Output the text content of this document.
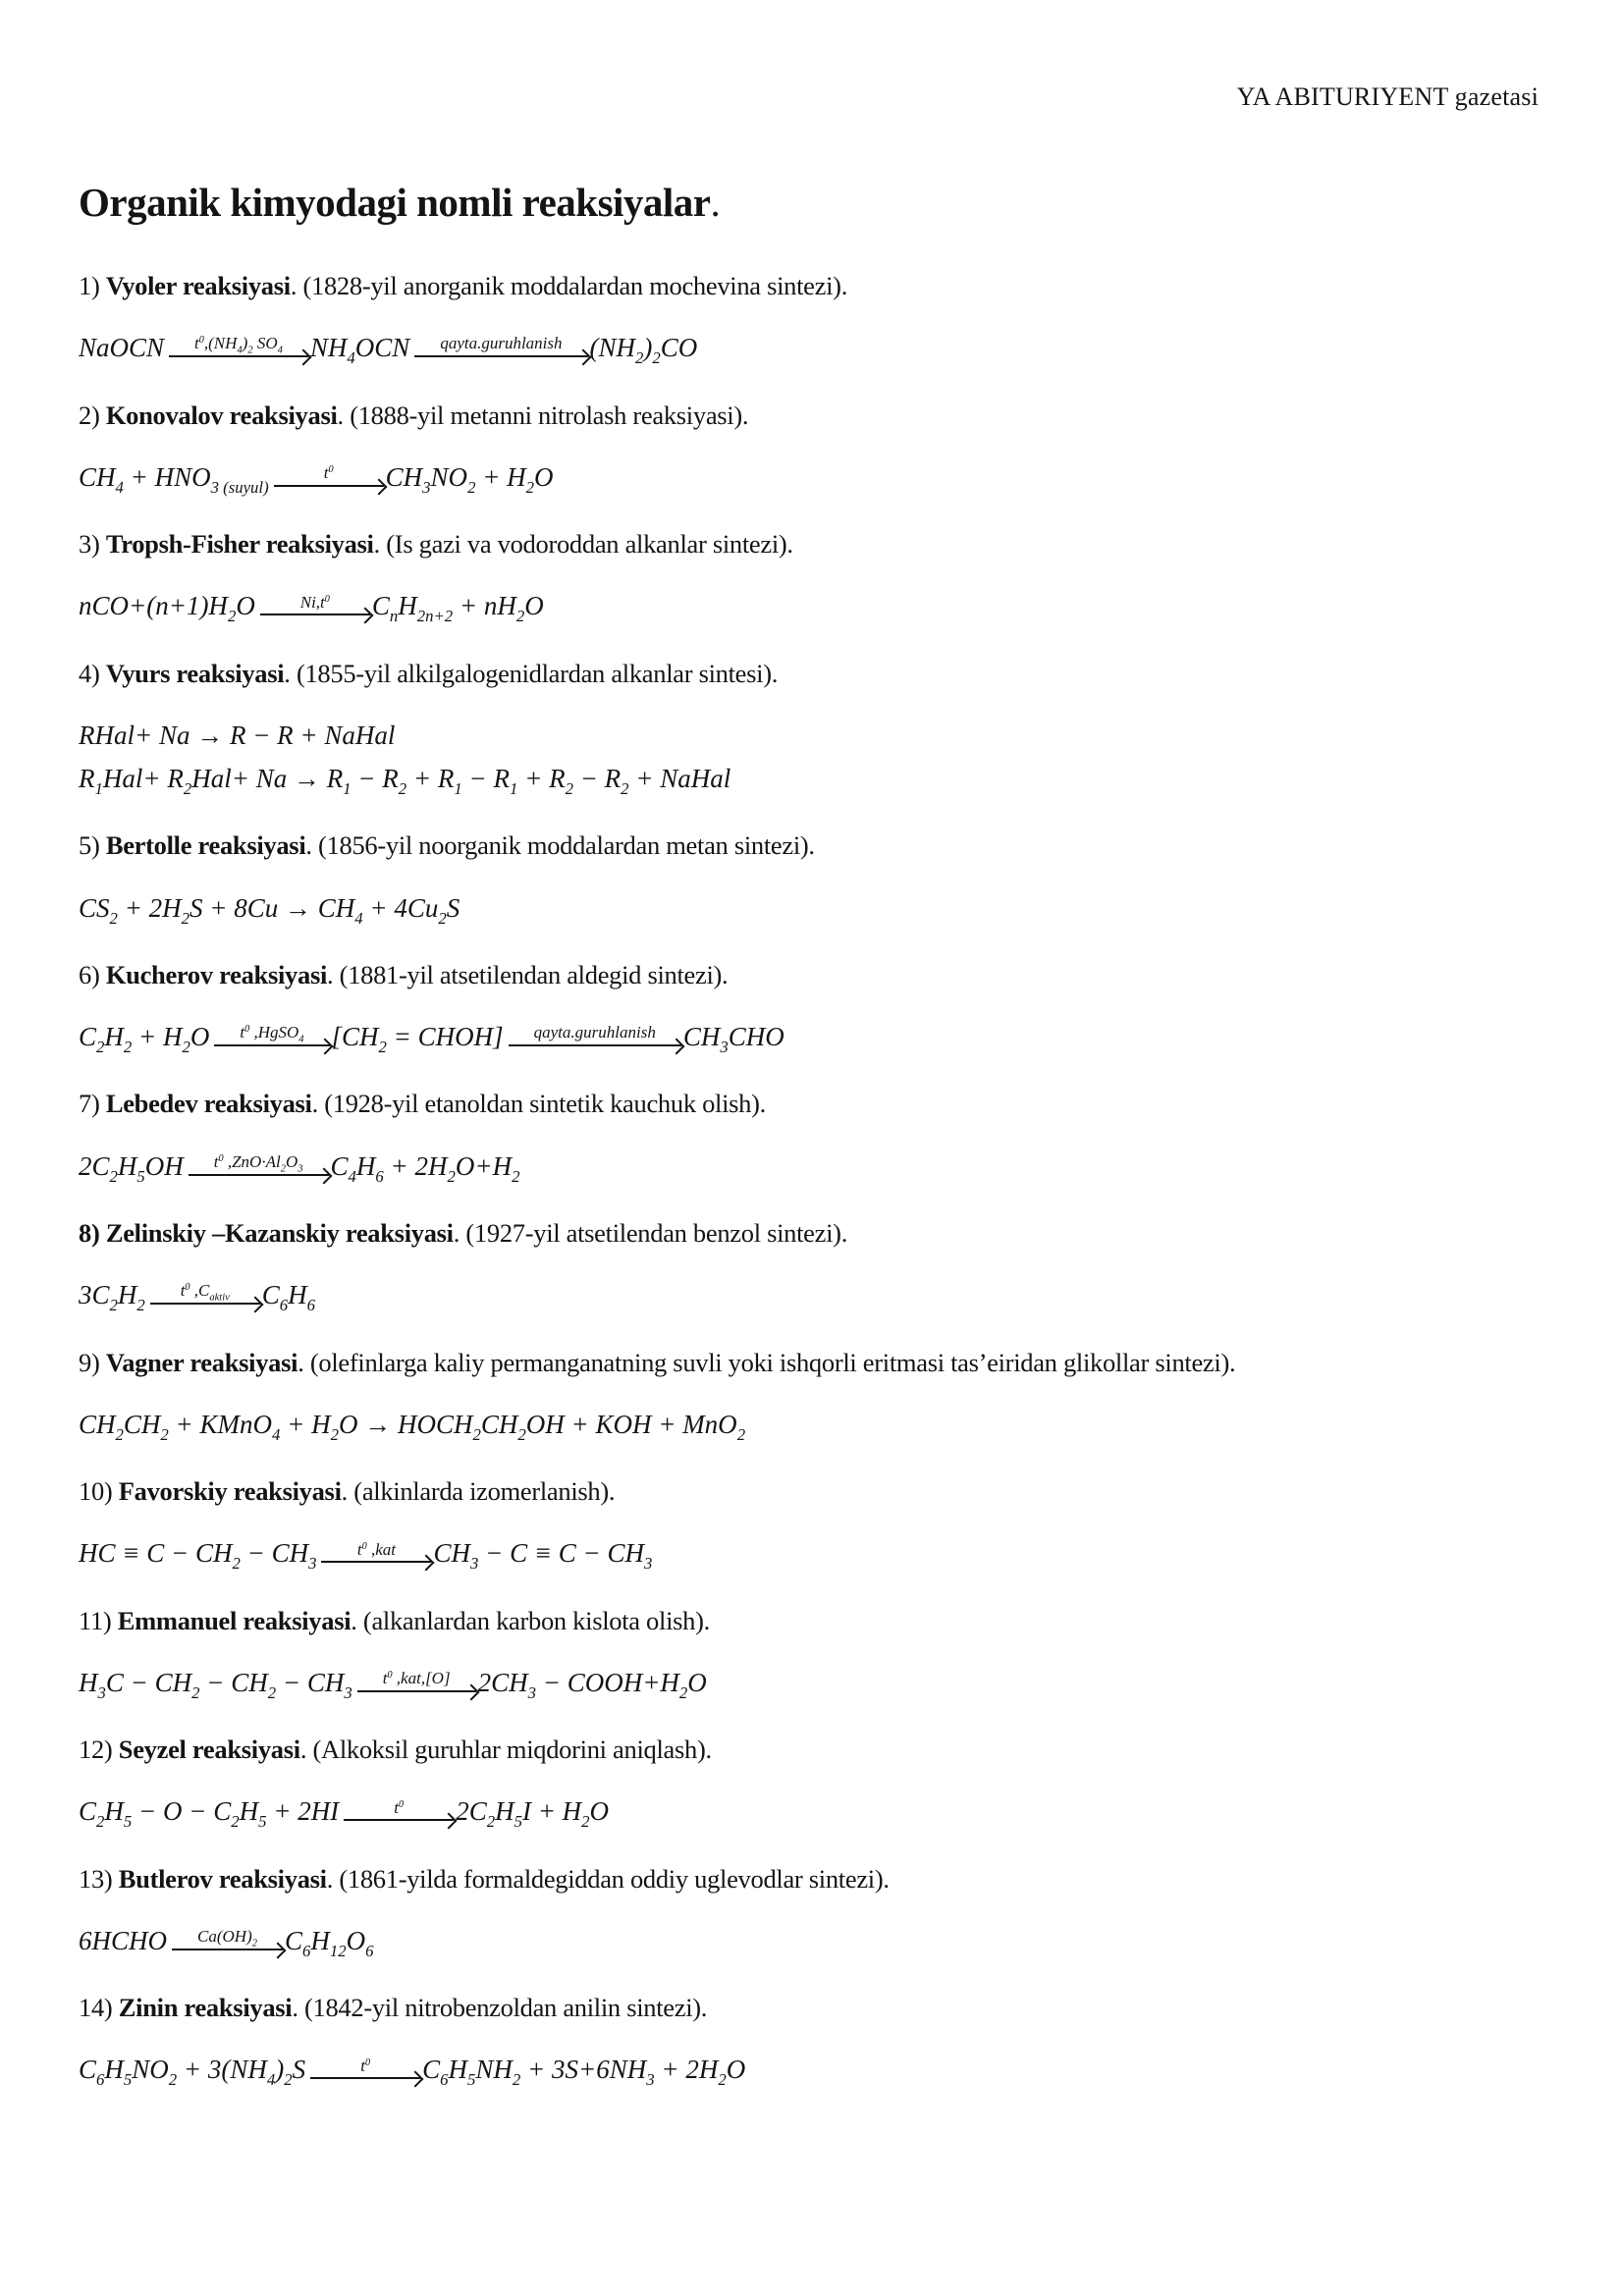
YA ABITURIYENT gazetasi
Organik kimyodagi nomli reaksiyalar.

1) Vyoler reaksiyasi. (1828-yil anorganik moddalardan mochevina sintezi).

NaOCN	$t^0,(NH_4)_2$ $SO_4$	$NH_4OCN$	qayta.guruhlanish	$(NH_2)_2CO$

2) Konovalov reaksiyasi. (1888-yil metanni nitrolash reaksiyasi).

$CH_4 + HNO_{3 (suyul)}$
$t^0$	$CH_3NO_2 + H_2O$

3) Tropsh-Fisher reaksiyasi. (Is gazi va vodoroddan alkanlar sintezi).

$nCO+(n+1)H_2O$	$Ni,t^0$	$C_nH_{2n+2} + nH_2O$

4) Vyurs reaksiyasi. (1855-yil alkilgalogenidlardan alkanlar sintesi).

RHal+ Na → R − R + NaHal
$R_1Hal+ R_2Hal+ Na \to R_1 - R_2 + R_1 - R_1 + R_2 - R_2$ + NaHal

5) Bertolle reaksiyasi. (1856-yil noorganik moddalardan metan sintezi).

$CS_2 + 2H_2S + 8Cu \to CH_4 + 4Cu_2S$

6) Kucherov reaksiyasi. (1881-yil atsetilendan aldegid sintezi).

$C_2H_2 + H_2O$	$t^0$ ,HgSO$_4$	[$CH_2$ = CHOH]	qayta.guruhlanish	$CH_3CHO$

7) Lebedev reaksiyasi. (1928-yil etanoldan sintetik kauchuk olish).

$2C_2H_5OH$	$t^0$ $,ZnO\cdot Al_2O_3$	$C_4H_6 + 2H_2O+H_2$

8) Zelinskiy –Kazanskiy reaksiyasi. (1927-yil atsetilendan benzol sintezi).

$3C_2H_2$
$t^0$ $,C_{aktiv}$	$C_6H_6$

9) Vagner reaksiyasi. (olefinlarga kaliy permanganatning suvli yoki ishqorli eritmasi tas’eiridan glikollar sintezi).

$CH_2CH_2$ + KMnO$_4$ + $H_2O$ → $HOCH_2CH_2OH$ + KOH + MnO$_2$

10) Favorskiy reaksiyasi. (alkinlarda izomerlanish).

HC ≡ $C - CH_2 - CH_3$
$t^0$ ,kat	$CH_3 - C \equiv C - CH_3$

11) Emmanuel reaksiyasi. (alkanlardan karbon kislota olish).

$H_3C - CH_2 - CH_2 - CH_3$
$t^0$ ,kat,[O]	$2CH_3$ − $COOH+H_2O$

12) Seyzel reaksiyasi. (Alkoksil guruhlar miqdorini aniqlash).

$C_2H_5 - O - C_2H_5 + 2HI$	$t^0$	$2C_2H_5I + H_2O$

13) Butlerov reaksiyasi. (1861-yilda formaldegiddan oddiy uglevodlar sintezi).

6HCHO	$Ca(OH)_2$	$C_6H_{12}O_6$

14) Zinin reaksiyasi. (1842-yil nitrobenzoldan anilin sintezi).

$C_6H_5NO_2 + 3(NH_4)_2S$	$t^0$	$C_6H_5NH_2 + 3S+6NH_3 + 2H_2O$
